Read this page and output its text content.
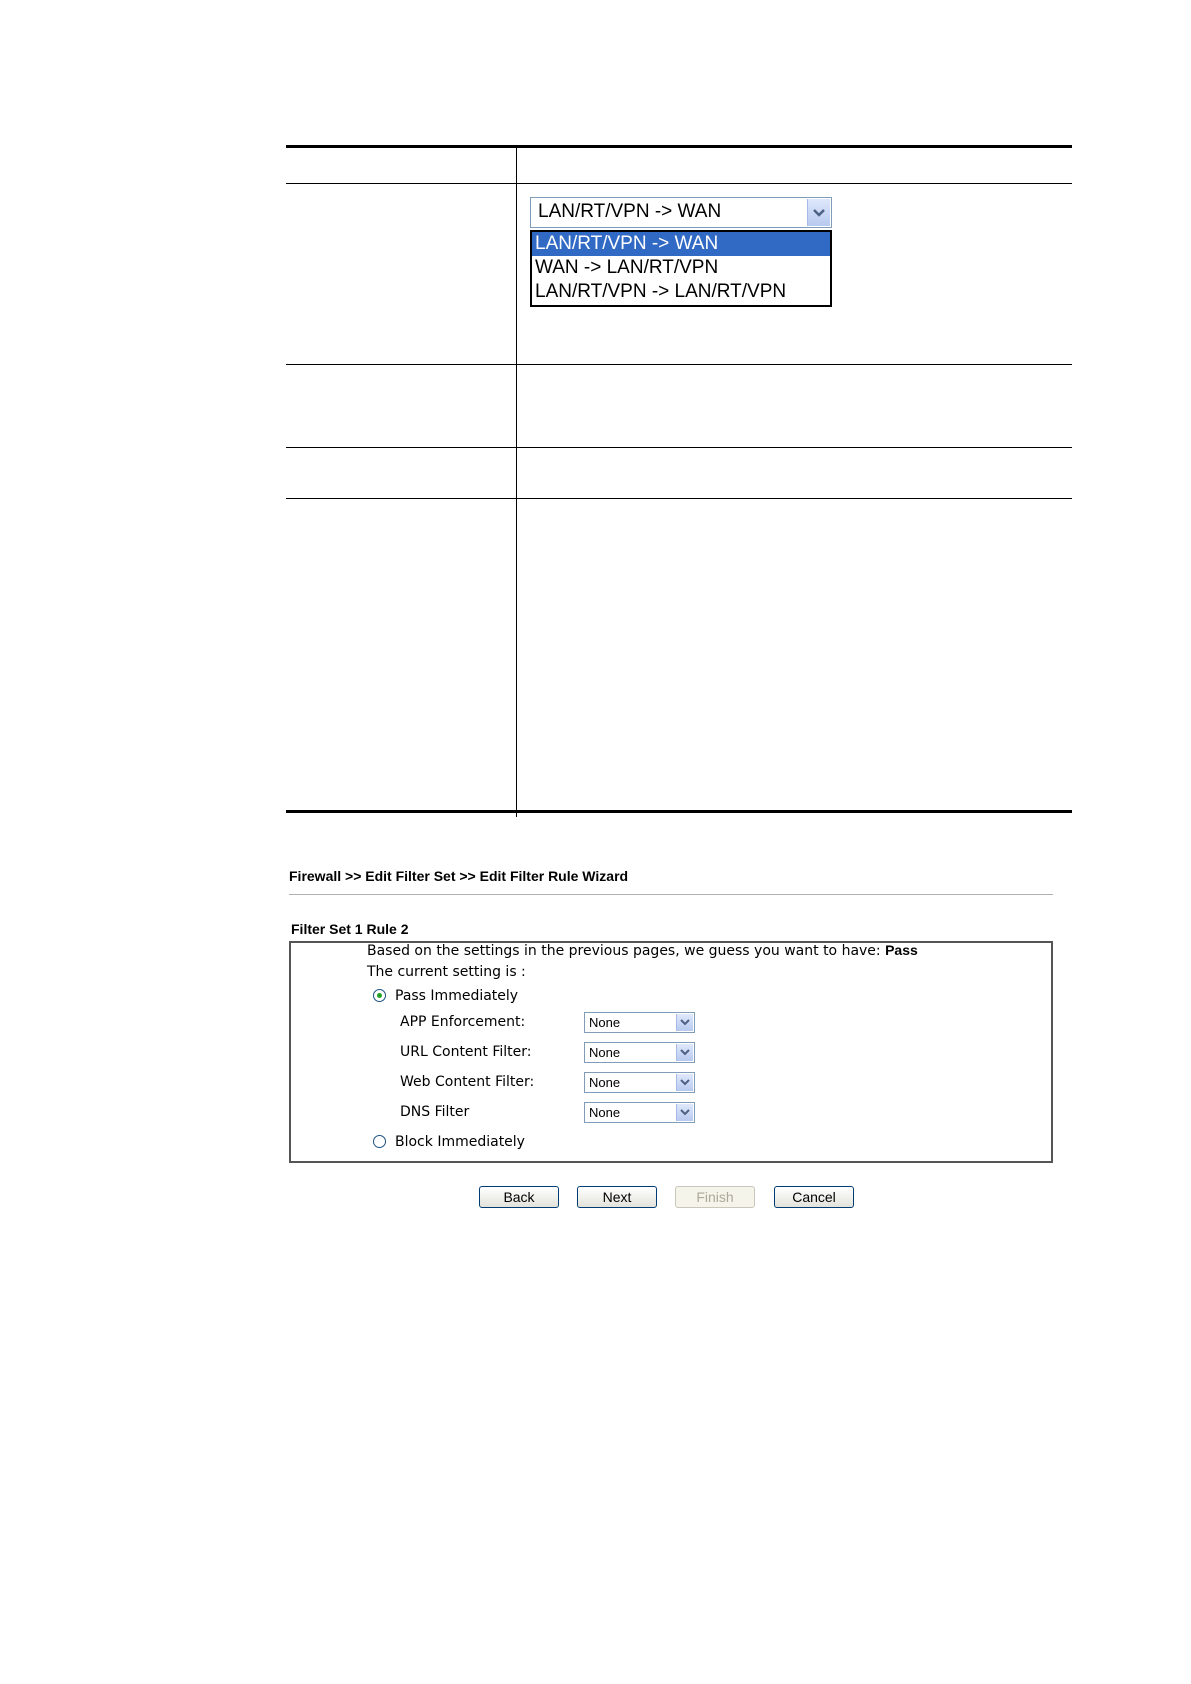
LAN/RT/VPN -> WAN
LAN/RT/VPN -> WAN
WAN -> LAN/RT/VPN
LAN/RT/VPN -> LAN/RT/VPN
Firewall >> Edit Filter Set >> Edit Filter Rule Wizard
Filter Set 1 Rule 2
Based on the settings in the previous pages, we guess you want to have: Pass
The current setting is :
Pass Immediately
APP Enforcement:	None
URL Content Filter:	None
Web Content Filter:	None
DNS Filter	None
Block Immediately
Back	Next	Finish	Cancel
